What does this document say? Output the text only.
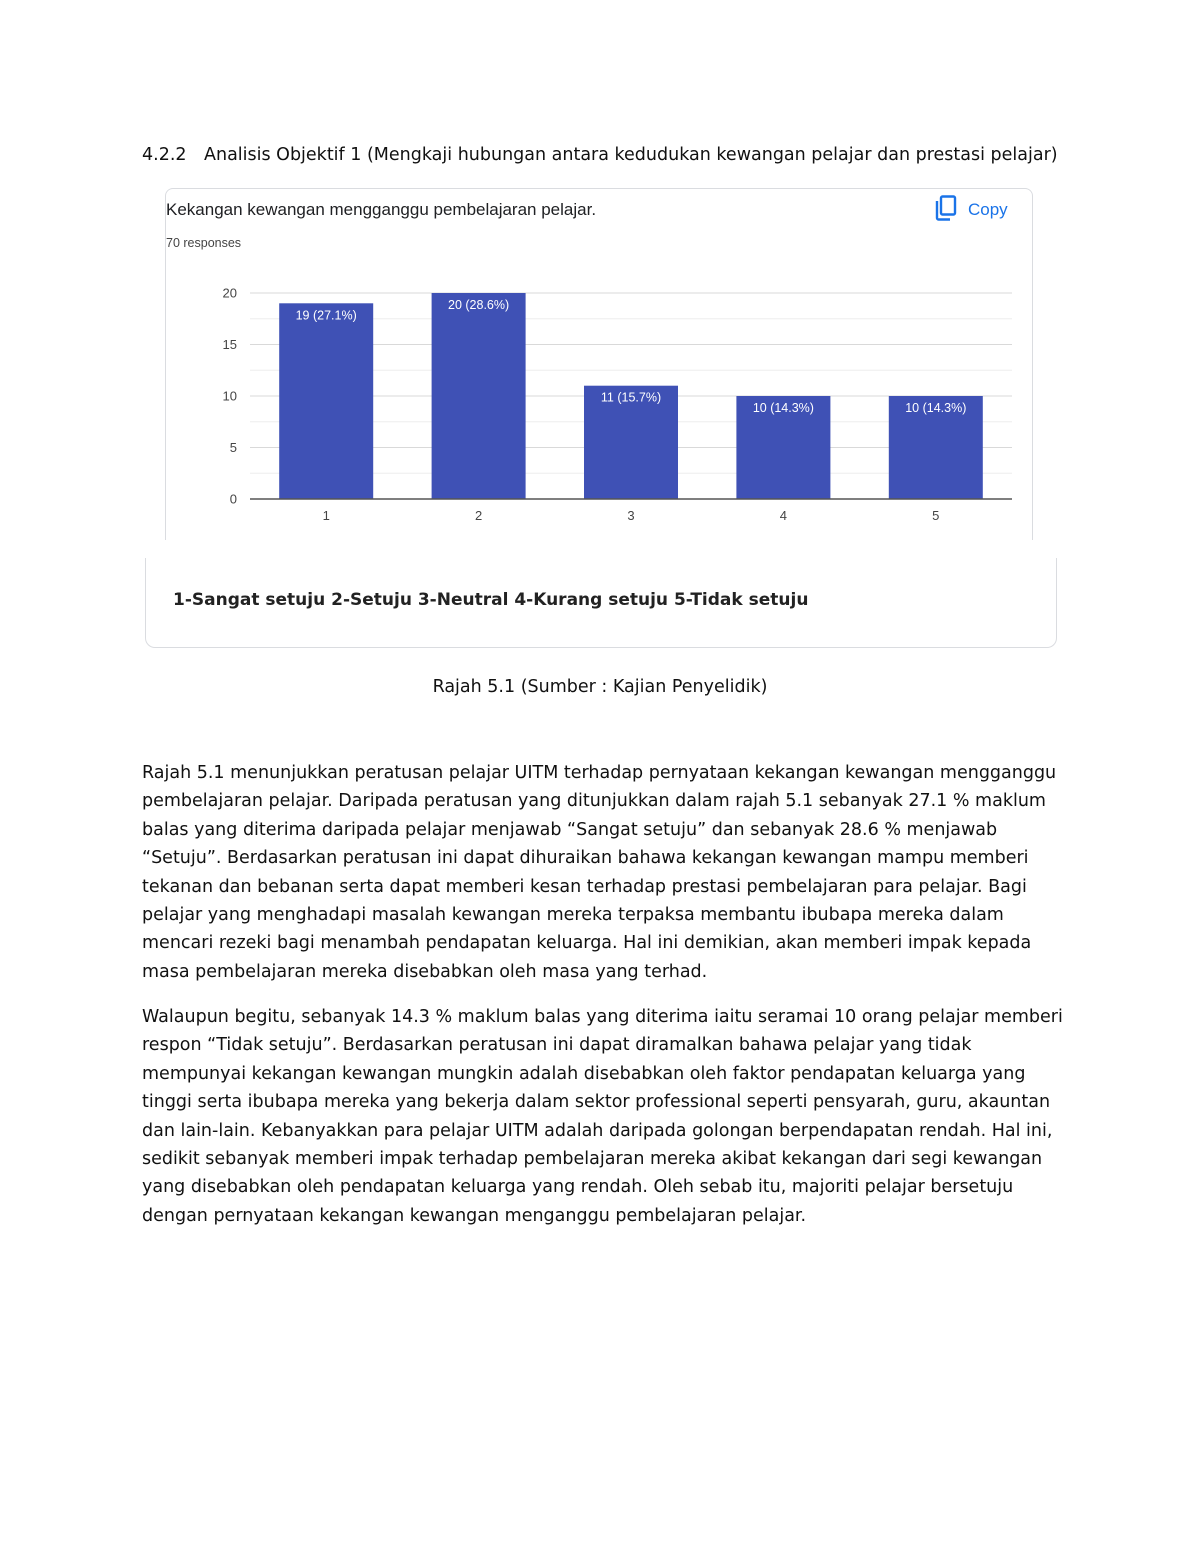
4.2.2 Analisis Objektif 1 (Mengkaji hubungan antara kedudukan kewangan pelajar dan prestasi pelajar)
Kekangan kewangan mengganggu pembelajaran pelajar.
70 responses
Copy
0
5
10
15
20
19 (27.1%)
1
20 (28.6%)
2
11 (15.7%)
3
10 (14.3%)
4
10 (14.3%)
5
1-Sangat setuju 2-Setuju 3-Neutral 4-Kurang setuju 5-Tidak setuju
Rajah 5.1 (Sumber : Kajian Penyelidik)
Rajah 5.1 menunjukkan peratusan pelajar UITM terhadap pernyataan kekangan kewangan mengganggu
pembelajaran pelajar. Daripada peratusan yang ditunjukkan dalam rajah 5.1 sebanyak 27.1 % maklum
balas yang diterima daripada pelajar menjawab “Sangat setuju” dan sebanyak 28.6 % menjawab
“Setuju”. Berdasarkan peratusan ini dapat dihuraikan bahawa kekangan kewangan mampu memberi
tekanan dan bebanan serta dapat memberi kesan terhadap prestasi pembelajaran para pelajar. Bagi
pelajar yang menghadapi masalah kewangan mereka terpaksa membantu ibubapa mereka dalam
mencari rezeki bagi menambah pendapatan keluarga. Hal ini demikian, akan memberi impak kepada
masa pembelajaran mereka disebabkan oleh masa yang terhad.
Walaupun begitu, sebanyak 14.3 % maklum balas yang diterima iaitu seramai 10 orang pelajar memberi
respon “Tidak setuju”. Berdasarkan peratusan ini dapat diramalkan bahawa pelajar yang tidak
mempunyai kekangan kewangan mungkin adalah disebabkan oleh faktor pendapatan keluarga yang
tinggi serta ibubapa mereka yang bekerja dalam sektor professional seperti pensyarah, guru, akauntan
dan lain-lain. Kebanyakkan para pelajar UITM adalah daripada golongan berpendapatan rendah. Hal ini,
sedikit sebanyak memberi impak terhadap pembelajaran mereka akibat kekangan dari segi kewangan
yang disebabkan oleh pendapatan keluarga yang rendah. Oleh sebab itu, majoriti pelajar bersetuju
dengan pernyataan kekangan kewangan menganggu pembelajaran pelajar.
